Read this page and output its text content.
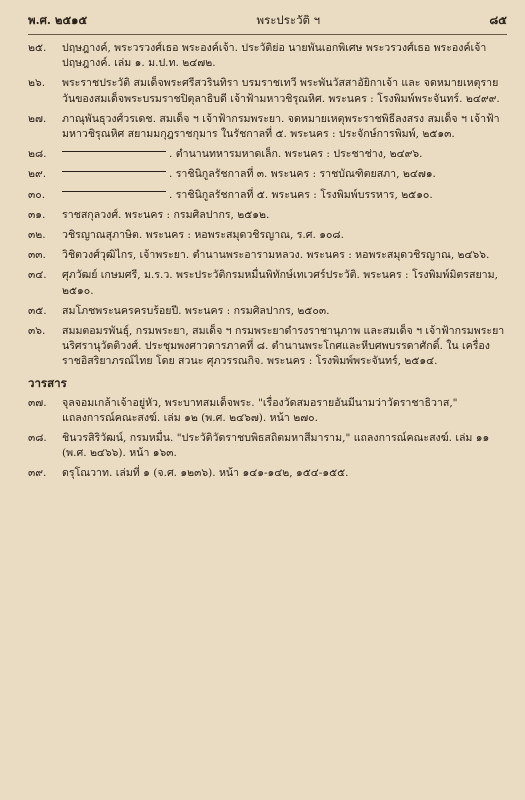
พ.ศ. ๒๕๑๕	พระประวัติ ฯ	๘๕
๒๕.	ปฤษฎางค์, พระวรวงศ์เธอ พระองค์เจ้า. ประวัติย่อ นายพันเอกพิเศษ พระวรวงศ์เธอ พระองค์เจ้าปฤษฎางค์. เล่ม ๑. ม.ป.ท. ๒๔๗๒.
๒๖.	พระราชประวัติ สมเด็จพระศรีสวรินทิรา บรมราชเทวี พระพันวัสสาอัยิกาเจ้า และ จดหมายเหตุรายวันของสมเด็จพระบรมราชปิตุลาธิบดี เจ้าฟ้ามหาวชิรุณหิศ. พระนคร : โรงพิมพ์พระจันทร์. ๒๔๙๙.
๒๗.	ภาณุพันธุวงศ์วรเดช. สมเด็จ ฯ เจ้าฟ้ากรมพระยา. จดหมายเหตุพระราชพิธีลงสรง สมเด็จ ฯ เจ้าฟ้ามหาวชิรุณหิศ สยามมกุฎราชกุมาร ในรัชกาลที่ ๕. พระนคร : ประจักษ์การพิมพ์, ๒๕๑๓.
๒๘.	. ตำนานทหารมหาดเล็ก. พระนคร : ประชาช่าง, ๒๔๙๖.
๒๙.	. ราชินิกูลรัชกาลที่ ๓. พระนคร : ราชบัณฑิตยสภา, ๒๔๗๑.
๓๐.	. ราชินิกูลรัชกาลที่ ๕. พระนคร : โรงพิมพ์บรรหาร, ๒๕๑๐.
๓๑.	ราชสกุลวงศ์. พระนคร : กรมศิลปากร, ๒๕๑๒.
๓๒.	วชิรญาณสุภาษิต. พระนคร : หอพระสมุดวชิรญาณ, ร.ศ. ๑๐๘.
๓๓.	วิชิตวงศ์วุฒิไกร, เจ้าพระยา. ตำนานพระอารามหลวง. พระนคร : หอพระสมุดวชิรญาณ, ๒๔๖๖.
๓๔.	ศุภวัฒย์ เกษมศรี, ม.ร.ว. พระประวัติกรมหมื่นพิทักษ์เทเวศร์ประวัติ. พระนคร : โรงพิมพ์มิตรสยาม, ๒๕๑๐.
๓๕.	สมโภชพระนครครบร้อยปี. พระนคร : กรมศิลปากร, ๒๕๐๓.
๓๖.	สมมตอมรพันธุ์, กรมพระยา, สมเด็จ ฯ กรมพระยาดำรงราชานุภาพ และสมเด็จ ฯ เจ้าฟ้ากรมพระยานริศรานุวัดติวงศ์. ประชุมพงศาวดารภาคที่ ๘. ตำนานพระโกศและหีบศพบรรดาศักดิ์. ใน เครื่องราชอิสริยาภรณ์ไทย โดย สวนะ ศุภวรรณกิจ. พระนคร : โรงพิมพ์พระจันทร์, ๒๕๑๔.
วารสาร
๓๗.	จุลจอมเกล้าเจ้าอยู่หัว, พระบาทสมเด็จพระ. "เรื่องวัดสมอรายอันมีนามว่าวัดราชาธิวาส," แถลงการณ์คณะสงฆ์. เล่ม ๑๒ (พ.ศ. ๒๔๖๗). หน้า ๒๗๐.
๓๘.	ชินวรสิริวัฒน์, กรมหมื่น. "ประวัติวัดราชบพิธสถิตมหาสีมาราม," แถลงการณ์คณะสงฆ์. เล่ม ๑๑ (พ.ศ. ๒๔๖๖). หน้า ๑๖๓.
๓๙.	ดรุโณวาท. เล่มที่ ๑ (จ.ศ. ๑๒๓๖). หน้า ๑๔๑-๑๔๒, ๑๕๔-๑๕๕.
